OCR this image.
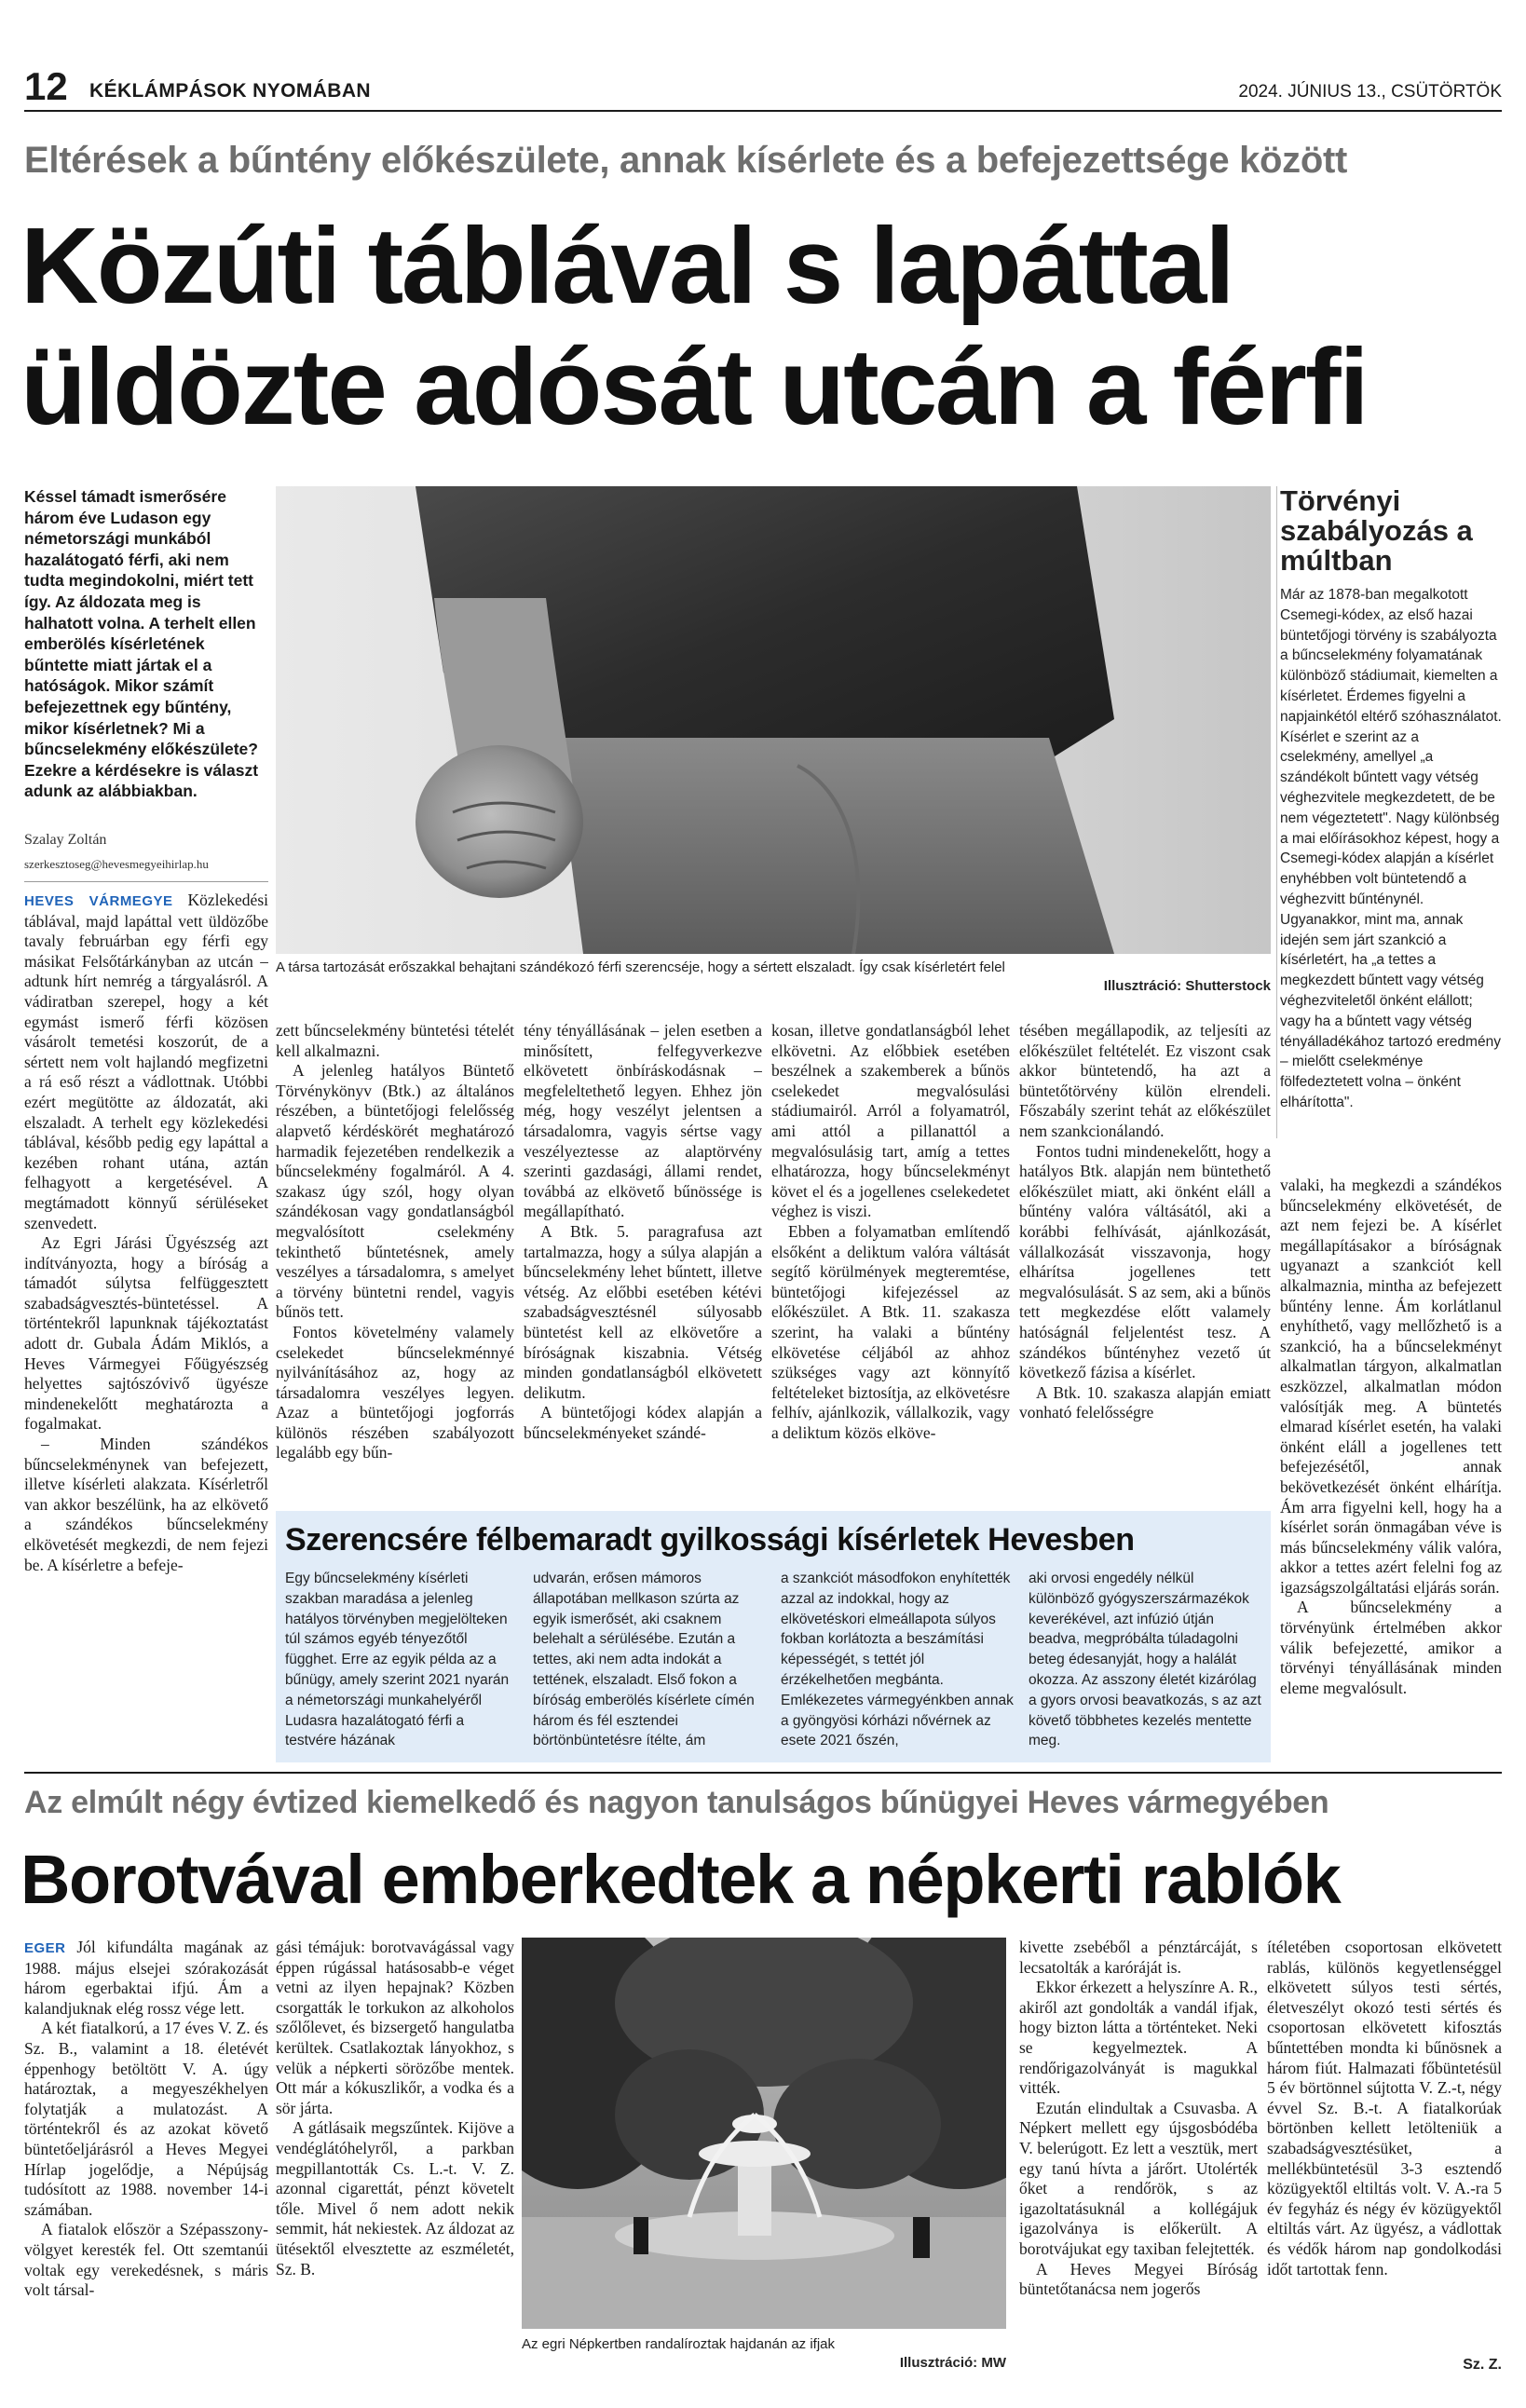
12 KÉKLÁMPÁSOK NYOMÁBAN	2024. JÚNIUS 13., CSÜTÖRTÖK
Eltérések a bűntény előkészülete, annak kísérlete és a befejezettsége között
Közúti táblával s lapáttal
üldözte adósát utcán a férfi
Késsel támadt ismerősére három éve Ludason egy németországi munkából hazalátogató férfi, aki nem tudta megindokolni, miért tett így. Az áldozata meg is halhatott volna. A terhelt ellen emberölés kísérletének bűntette miatt jártak el a hatóságok. Mikor számít befejezettnek egy bűntény, mikor kísérletnek? Mi a bűncselekmény előkészülete? Ezekre a kérdésekre is választ adunk az alábbiakban.
Szalay Zoltán
szerkesztoseg@hevesmegyeihirlap.hu
A társa tartozását erőszakkal behajtani szándékozó férfi szerencséje, hogy a sértett elszaladt. Így csak kísérletért felel
Illusztráció: Shutterstock
Törvényi szabályozás a múltban
Már az 1878-ban megalkotott Csemegi-kódex, az első hazai büntetőjogi törvény is szabályozta a bűncselekmény folyamatának különböző stádiumait, kiemelten a kísérletet. Érdemes figyelni a napjainkétól eltérő szóhasználatot. Kísérlet e szerint az a cselekmény, amellyel „a szándékolt bűntett vagy vétség véghezvitele megkezdetett, de be nem végeztetett". Nagy különbség a mai előírásokhoz képest, hogy a Csemegi-kódex alapján a kísérlet enyhébben volt büntetendő a véghezvitt bűnténynél. Ugyanakkor, mint ma, annak idején sem járt szankció a kísérletért, ha „a tettes a megkezdett bűntett vagy vétség véghezviteletől önként elállott; vagy ha a bűntett vagy vétség tényálladékához tartozó eredmény – mielőtt cselekménye fölfedeztetett volna – önként elhárította".

HEVES VÁRMEGYE Közlekedési táblával, majd lapáttal vett üldözőbe tavaly februárban egy férfi egy másikat Felsőtárkányban az utcán – adtunk hírt nemrég a tárgyalásról. A vádiratban szerepel, hogy a két egymást ismerő férfi közösen vásárolt temetési koszorút, de a sértett nem volt hajlandó megfizetni a rá eső részt a vádlottnak. Utóbbi ezért megütötte az áldozatát, aki elszaladt. A terhelt egy közlekedési táblával, később pedig egy lapáttal a kezében rohant utána, aztán felhagyott a kergetésével. A megtámadott könnyű sérüléseket szenvedett.

Az Egri Járási Ügyészség azt indítványozta, hogy a bíróság a támadót súlytsa felfüggesztett szabadságvesztés-büntetéssel. A történtekről lapunknak tájékoztatást adott dr. Gubala Ádám Miklós, a Heves Vármegyei Főügyészség helyettes sajtószóvivő ügyésze mindenekelőtt meghatározta a fogalmakat.

– Minden szándékos bűncselekménynek van befejezett, illetve kísérleti alakzata. Kísérletről van akkor beszélünk, ha az elkövető a szándékos bűncselekmény elkövetését megkezdi, de nem fejezi be. A kísérletre a befeje-

zett bűncselekmény büntetési tételét kell alkalmazni.

A jelenleg hatályos Büntető Törvénykönyv (Btk.) az általános részében, a büntetőjogi felelősség alapvető kérdéskörét meghatározó harmadik fejezetében rendelkezik a bűncselekmény fogalmáról. A 4. szakasz úgy szól, hogy olyan szándékosan vagy gondatlanságból megvalósított cselekmény tekinthető bűntetésnek, amely veszélyes a társadalomra, s amelyet a törvény büntetni rendel, vagyis bűnös tett.

Fontos követelmény valamely cselekedet bűncselekménnyé nyilvánításához az, hogy az társadalomra veszélyes legyen. Azaz a büntetőjogi jogforrás különös részében szabályozott legalább egy bűn-

tény tényállásának – jelen esetben a minősített, felfegyverkezve elkövetett önbíráskodásnak – megfeleltethető legyen. Ehhez jön még, hogy veszélyt jelentsen a társadalomra, vagyis sértse vagy veszélyeztesse az alaptörvény szerinti gazdasági, állami rendet, továbbá az elkövető bűnössége is megállapítható.

A Btk. 5. paragrafusa azt tartalmazza, hogy a súlya alapján a bűncselekmény lehet bűntett, illetve vétség. Az előbbi esetében kétévi szabadságvesztésnél súlyosabb büntetést kell az elkövetőre a bíróságnak kiszabnia. Vétség minden gondatlanságból elkövetett delikutm.

A büntetőjogi kódex alapján a bűncselekményeket szándé-

kosan, illetve gondatlanságból lehet elkövetni. Az előbbiek esetében beszélnek a szakemberek a bűnös cselekedet megvalósulási stádiumairól. Arról a folyamatról, ami attól a pillanattól a megvalósulásig tart, amíg a tettes elhatározza, hogy bűncselekményt követ el és a jogellenes cselekedetet véghez is viszi.

Ebben a folyamatban említendő elsőként a deliktum valóra váltását segítő körülmények megteremtése, büntetőjogi kifejezéssel az előkészület. A Btk. 11. szakasza szerint, ha valaki a bűntény elkövetése céljából az ahhoz szükséges vagy azt könnyítő feltételeket biztosítja, az elkövetésre felhív, ajánlkozik, vállalkozik, vagy a deliktum közös elköve-

tésében megállapodik, az teljesíti az előkészület feltételét. Ez viszont csak akkor büntetendő, ha azt a büntetőtörvény külön elrendeli. Főszabály szerint tehát az előkészület nem szankcionálandó.

Fontos tudni mindenekelőtt, hogy a hatályos Btk. alapján nem büntethető előkészület miatt, aki önként eláll a bűntény valóra váltásától, aki a korábbi felhívását, ajánlkozását, vállalkozását visszavonja, hogy elhárítsa jogellenes tett megvalósulását. S az sem, aki a bűnös tett megkezdése előtt valamely hatóságnál feljelentést tesz. A szándékos bűntényhez vezető út következő fázisa a kísérlet.

A Btk. 10. szakasza alapján emiatt vonható felelősségre

valaki, ha megkezdi a szándékos bűncselekmény elkövetését, de azt nem fejezi be. A kísérlet megállapításakor a bíróságnak ugyanazt a szankciót kell alkalmaznia, mintha az befejezett bűntény lenne. Ám korlátlanul enyhíthető, vagy mellőzhető is a szankció, ha a bűncselekményt alkalmatlan tárgyon, alkalmatlan eszközzel, alkalmatlan módon valósítják meg. A büntetés elmarad kísérlet esetén, ha valaki önként eláll a jogellenes tett befejezésétől, annak bekövetkezését önként elhárítja. Ám arra figyelni kell, hogy ha a kísérlet során önmagában véve is más bűncselekmény válik valóra, akkor a tettes azért felelni fog az igazságszolgáltatási eljárás során.

A bűncselekmény a törvényünk értelmében akkor válik befejezetté, amikor a törvényi tényállásának minden eleme megvalósult.

Szerencsére félbemaradt gyilkossági kísérletek Hevesben
Egy bűncselekmény kísérleti szakban maradása a jelenleg hatályos törvényben megjelölteken túl számos egyéb tényezőtől függhet. Erre az egyik példa az a bűnügy, amely szerint 2021 nyarán a németországi munkahelyéről Ludasra hazalátogató férfi a testvére házának
udvarán, erősen mámoros állapotában mellkason szúrta az egyik ismerősét, aki csaknem belehalt a sérülésébe. Ezután a tettes, aki nem adta indokát a tettének, elszaladt. Első fokon a bíróság emberölés kísérlete címén három és fél esztendei börtönbüntetésre ítélte, ám
a szankciót másodfokon enyhítették azzal az indokkal, hogy az elkövetéskori elmeállapota súlyos fokban korlátozta a beszámítási képességét, s tettét jól érzékelhetően megbánta. Emlékezetes vármegyénkben annak a gyöngyösi kórházi nővérnek az esete 2021 őszén,
aki orvosi engedély nélkül különböző gyógyszerszármazékok keverékével, azt infúzió útján beadva, megpróbálta túladagolni beteg édesanyját, hogy a halálát okozza. Az asszony életét kizárólag a gyors orvosi beavatkozás, s az azt követő többhetes kezelés mentette meg.
Az elmúlt négy évtized kiemelkedő és nagyon tanulságos bűnügyei Heves vármegyében
Borotvával emberkedtek a népkerti rablók

EGER Jól kifundálta magának az 1988. május elsejei szórakozását három egerbaktai ifjú. Ám a kalandjuknak elég rossz vége lett.

A két fiatalkorú, a 17 éves V. Z. és Sz. B., valamint a 18. életévét éppenhogy betöltött V. A. úgy határoztak, a megyeszékhelyen folytatják a mulatozást. A történtekről és az azokat követő büntetőeljárásról a Heves Megyei Hírlap jogelődje, a Népújság tudósított az 1988. november 14-i számában.

A fiatalok először a Szépasszony-völgyet keresték fel. Ott szemtanúi voltak egy verekedésnek, s máris volt társal-

gási témájuk: borotvavágással vagy éppen rúgással hatásosabb-e véget vetni az ilyen hepajnak? Közben csorgatták le torkukon az alkoholos szőlőlevet, és bizsergető hangulatba kerültek. Csatlakoztak lányokhoz, s velük a népkerti sörözőbe mentek. Ott már a kókuszlikőr, a vodka és a sör járta.

A gátlásaik megszűntek. Kijöve a vendéglátóhelyről, a parkban megpillantották Cs. L.-t. V. Z. azonnal cigarettát, pénzt követelt tőle. Mivel ő nem adott nekik semmit, hát nekiestek. Az áldozat az ütésektől elvesztette az eszméletét, Sz. B.

Az egri Népkertben randalíroztak hajdanán az ifjak
Illusztráció: MW

kivette zsebéből a pénztárcáját, s lecsatolták a karóráját is.

Ekkor érkezett a helyszínre A. R., akiről azt gondolták a vandál ifjak, hogy bizton látta a történteket. Neki se kegyelmeztek. A rendőrigazolványát is magukkal vitték.

Ezután elindultak a Csuvasba. A Népkert mellett egy újsgosbódéba V. belerúgott. Ez lett a vesztük, mert egy tanú hívta a járőrt. Utolérték őket a rendőrök, s az igazoltatásuknál a kollégájuk igazolványa is előkerült. A borotvájukat egy taxiban felejtették.

A Heves Megyei Bíróság büntetőtanácsa nem jogerős

ítéletében csoportosan elkövetett rablás, különös kegyetlenséggel elkövetett súlyos testi sértés, életveszélyt okozó testi sértés és csoportosan elkövetett kifosztás bűntettében mondta ki bűnösnek a három fiút. Halmazati főbüntetésül 5 év börtönnel sújtotta V. Z.-t, négy évvel Sz. B.-t. A fiatalkorúak börtönben kellett letölteniük a szabadságvesztésüket, a mellékbüntetésül 3-3 esztendő közügyektől eltiltás volt. V. A.-ra 5 év fegyház és négy év közügyektől eltiltás várt. Az ügyész, a vádlottak és védők három nap gondolkodási időt tartottak fenn.

Sz. Z.
